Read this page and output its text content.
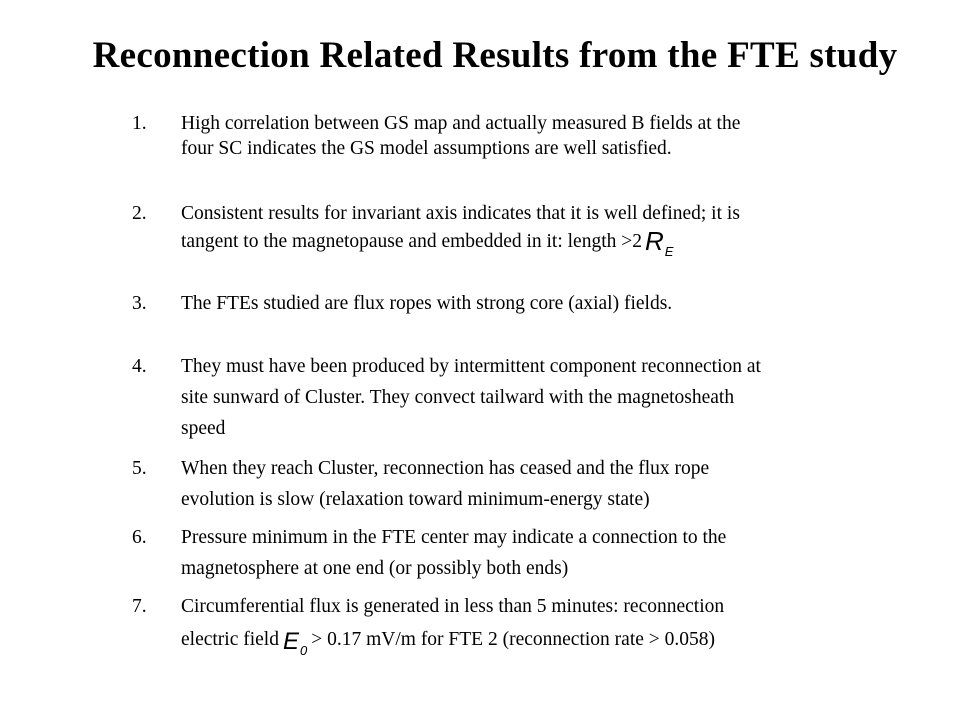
Reconnection Related Results from the FTE study
1. High correlation between GS map and actually measured B fields at the
four SC indicates the GS model assumptions are well satisfied.
2. Consistent results for invariant axis indicates that it is well defined; it is
tangent to the magnetopause and embedded in it: length >2 $R_E$
3. The FTEs studied are flux ropes with strong core (axial) fields.
4. They must have been produced by intermittent component reconnection at
site sunward of Cluster. They convect tailward with the magnetosheath
speed
5. When they reach Cluster, reconnection has ceased and the flux rope
evolution is slow (relaxation toward minimum-energy state)
6. Pressure minimum in the FTE center may indicate a connection to the
magnetosphere at one end (or possibly both ends)
7. Circumferential flux is generated in less than 5 minutes: reconnection
electric field $E_0> 0.17$ mV/m for FTE 2 (reconnection rate > 0.058)
